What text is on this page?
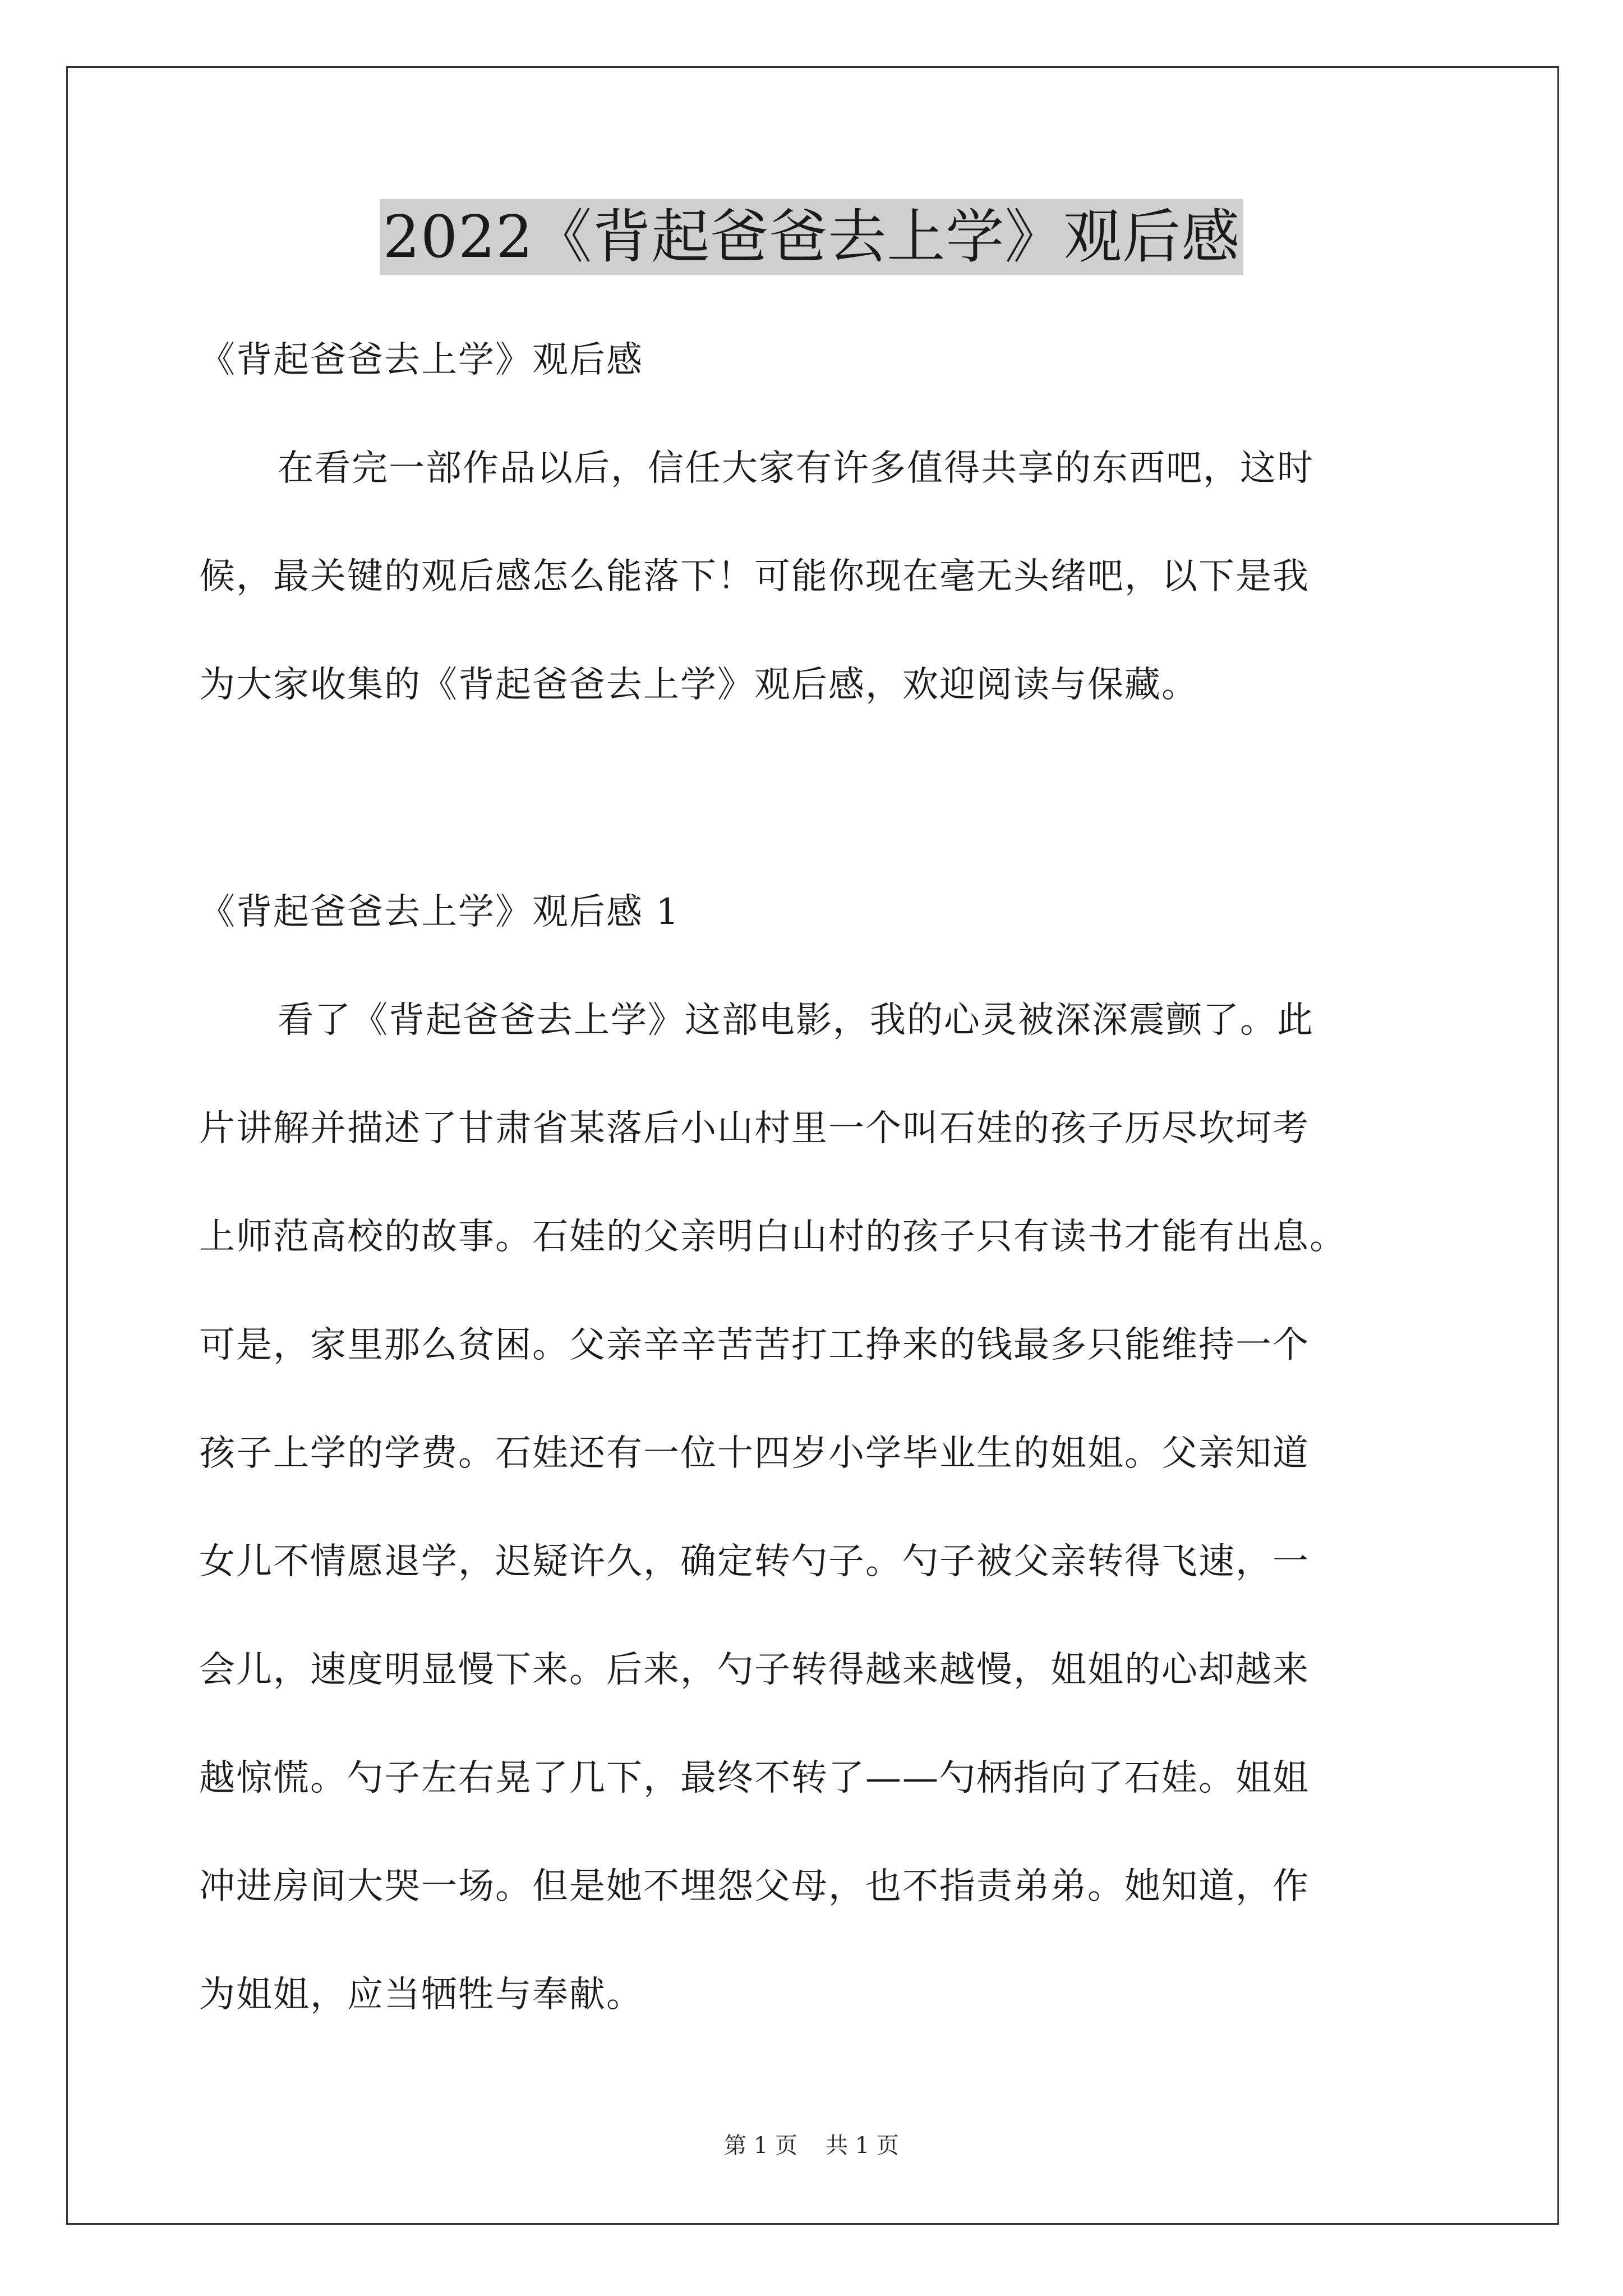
2022《背起爸爸去上学》观后感
《背起爸爸去上学》观后感
在看完一部作品以后，信任大家有许多值得共享的东西吧，这时
候，最关键的观后感怎么能落下！可能你现在毫无头绪吧，以下是我
为大家收集的《背起爸爸去上学》观后感，欢迎阅读与保藏。
《背起爸爸去上学》观后感 1
看了《背起爸爸去上学》这部电影，我的心灵被深深震颤了。此
片讲解并描述了甘肃省某落后小山村里一个叫石娃的孩子历尽坎坷考
上师范高校的故事。石娃的父亲明白山村的孩子只有读书才能有出息。
可是，家里那么贫困。父亲辛辛苦苦打工挣来的钱最多只能维持一个
孩子上学的学费。石娃还有一位十四岁小学毕业生的姐姐。父亲知道
女儿不情愿退学，迟疑许久，确定转勺子。勺子被父亲转得飞速，一
会儿，速度明显慢下来。后来，勺子转得越来越慢，姐姐的心却越来
越惊慌。勺子左右晃了几下，最终不转了——勺柄指向了石娃。姐姐
冲进房间大哭一场。但是她不埋怨父母，也不指责弟弟。她知道，作
为姐姐，应当牺牲与奉献。
第 1 页 共 1 页
